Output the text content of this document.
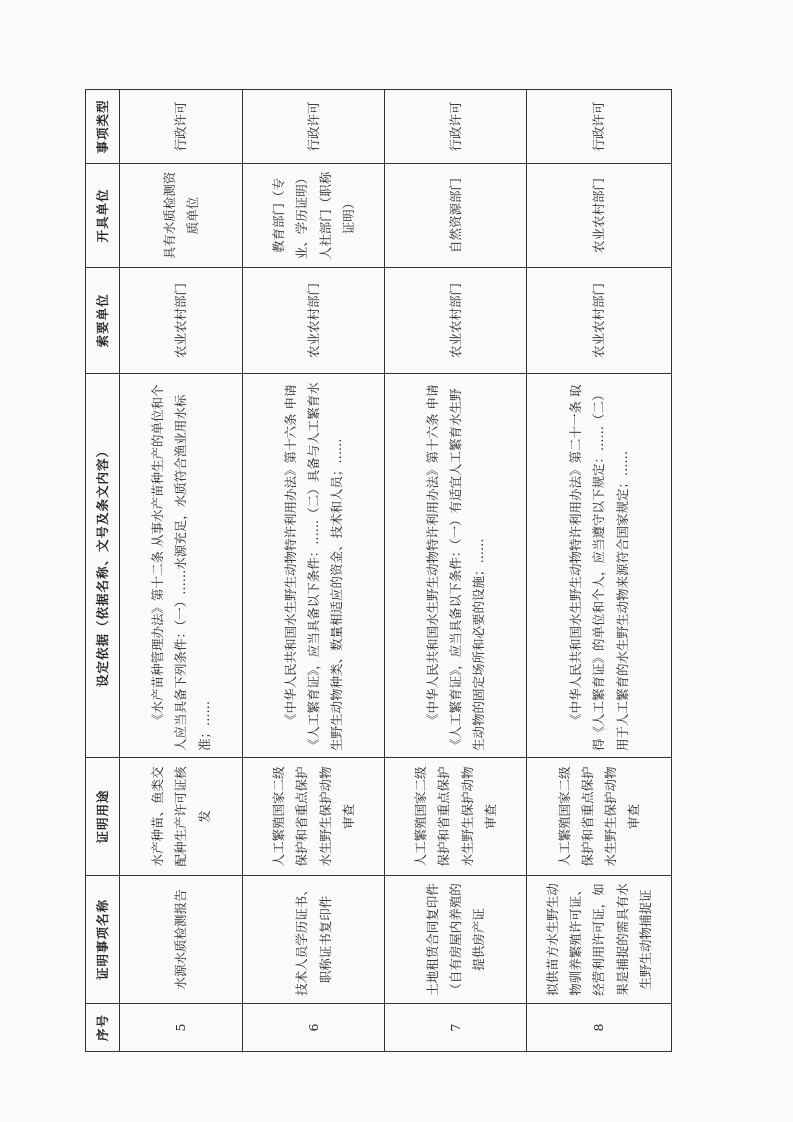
序号	证明事项名称	证明用途	设定依据（依据名称、文号及条文内容）	索要单位	开具单位	事项类型
5	水源水质检测报告	水产种苗、鱼类交配种生产许可证核发	《水产苗种管理办法》第十二条 从事水产苗种生产的单位和个人应当具备下列条件：（一）……水源充足，水质符合渔业用水标准；……	农业农村部门	具有水质检测资质单位	行政许可
6	技术人员学历证书、职称证书复印件	人工繁殖国家二级保护和省重点保护水生野生保护动物审查	《中华人民共和国水生野生动物特许利用办法》第十六条 申请《人工繁育证》，应当具备以下条件：……（二）具备与人工繁育水生野生动物种类、数量相适应的资金、技术和人员；……	农业农村部门	教育部门（专业、学历证明）人社部门（职称证明）	行政许可
7	土地租赁合同复印件（自有房屋内养殖的提供房产证	人工繁殖国家二级保护和省重点保护水生野生保护动物审查	《中华人民共和国水生野生动物特许利用办法》第十六条 申请《人工繁育证》，应当具备以下条件：（一）有适宜人工繁育水生野生动物的固定场所和必要的设施；……	农业农村部门	自然资源部门	行政许可
8	拟供苗方水生野生动物驯养繁殖许可证、经营利用许可证，如果是捕捉的需具有水生野生动物捕捉证	人工繁殖国家二级保护和省重点保护水生野生保护动物审查	《中华人民共和国水生野生动物特许利用办法》第二十一条 取得《人工繁育证》的单位和个人，应当遵守以下规定：……（二）用于人工繁育的水生野生动物来源符合国家规定；……	农业农村部门	农业农村部门	行政许可
